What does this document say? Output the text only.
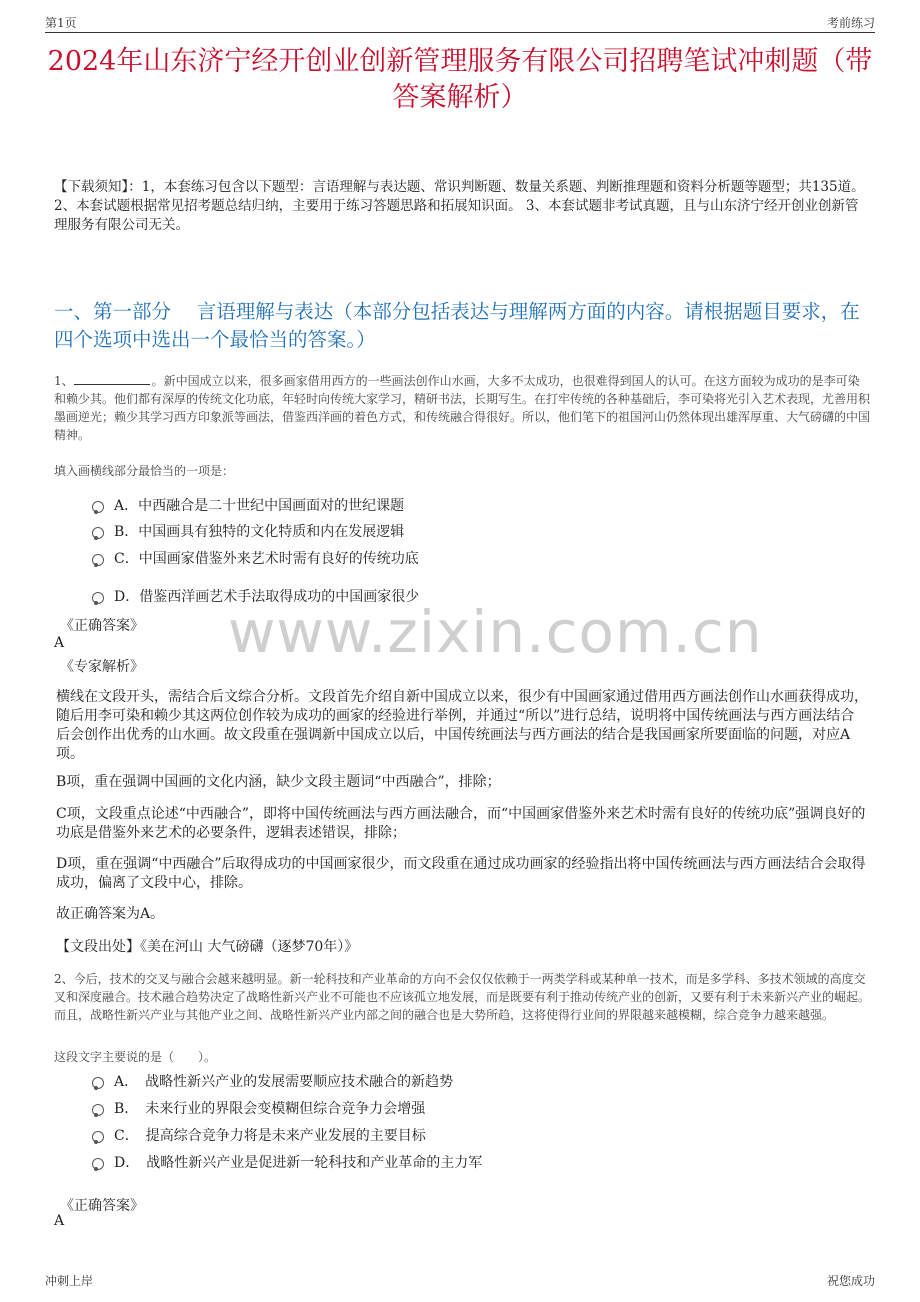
第1页	考前练习
2024年山东济宁经开创业创新管理服务有限公司招聘笔试冲刺题（带答案解析）
【下载须知】：1，本套练习包含以下题型：言语理解与表达题、常识判断题、数量关系题、判断推理题和资料分析题等题型；共135道。 2、本套试题根据常见招考题总结归纳，主要用于练习答题思路和拓展知识面。 3、本套试题非考试真题，且与山东济宁经开创业创新管理服务有限公司无关。
一、第一部分　 言语理解与表达（本部分包括表达与理解两方面的内容。请根据题目要求，在四个选项中选出一个最恰当的答案。）
1、	。新中国成立以来，很多画家借用西方的一些画法创作山水画，大多不太成功，也很难得到国人的认可。在这方面较为成功的是李可染和赖少其。他们都有深厚的传统文化功底，年轻时向传统大家学习，精研书法，长期写生。在打牢传统的各种基础后，李可染将光引入艺术表现，尤善用积墨画逆光；赖少其学习西方印象派等画法，借鉴西洋画的着色方式，和传统融合得很好。所以，他们笔下的祖国河山仍然体现出雄浑厚重、大气磅礴的中国精神。
填入画横线部分最恰当的一项是：
A．中西融合是二十世纪中国画面对的世纪课题
B．中国画具有独特的文化特质和内在发展逻辑
C．中国画家借鉴外来艺术时需有良好的传统功底
D．借鉴西洋画艺术手法取得成功的中国画家很少
《正确答案》
A
《专家解析》
www.zixin.com.cn
横线在文段开头，需结合后文综合分析。文段首先介绍自新中国成立以来，很少有中国画家通过借用西方画法创作山水画获得成功，随后用李可染和赖少其这两位创作较为成功的画家的经验进行举例，并通过“所以”进行总结，说明将中国传统画法与西方画法结合后会创作出优秀的山水画。故文段重在强调新中国成立以后，中国传统画法与西方画法的结合是我国画家所要面临的问题，对应A项。
B项，重在强调中国画的文化内涵，缺少文段主题词“中西融合”，排除；
C项，文段重点论述“中西融合”，即将中国传统画法与西方画法融合，而“中国画家借鉴外来艺术时需有良好的传统功底”强调良好的功底是借鉴外来艺术的必要条件，逻辑表述错误，排除；
D项，重在强调“中西融合”后取得成功的中国画家很少，而文段重在通过成功画家的经验指出将中国传统画法与西方画法结合会取得成功，偏离了文段中心，排除。
故正确答案为A。
【文段出处】《美在河山 大气磅礴（逐梦70年）》
2、今后，技术的交叉与融合会越来越明显。新一轮科技和产业革命的方向不会仅仅依赖于一两类学科或某种单一技术，而是多学科、多技术领域的高度交叉和深度融合。技术融合趋势决定了战略性新兴产业不可能也不应该孤立地发展，而是既要有利于推动传统产业的创新，又要有利于未来新兴产业的崛起。而且，战略性新兴产业与其他产业之间、战略性新兴产业内部之间的融合也是大势所趋，这将使得行业间的界限越来越模糊，综合竞争力越来越强。
这段文字主要说的是（　　）。
A．　战略性新兴产业的发展需要顺应技术融合的新趋势
B．　未来行业的界限会变模糊但综合竞争力会增强
C．　提高综合竞争力将是未来产业发展的主要目标
D．　战略性新兴产业是促进新一轮科技和产业革命的主力军
《正确答案》
A
冲刺上岸	祝您成功
